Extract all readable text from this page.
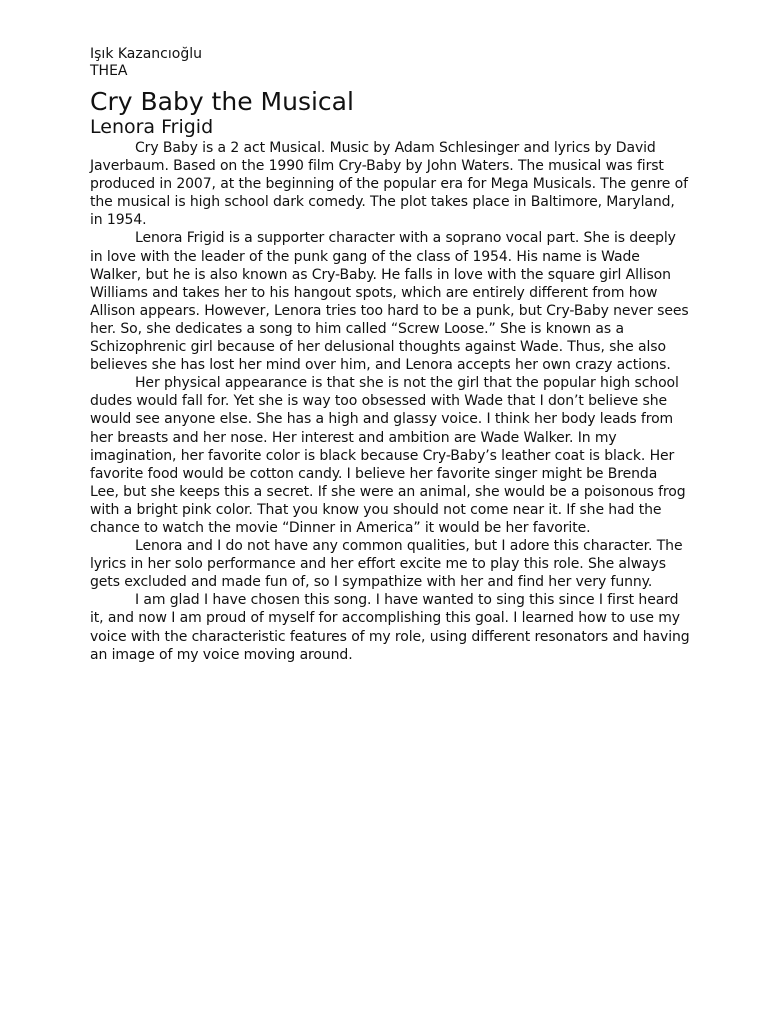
Işık Kazancıoğlu

THEA

Cry Baby the Musical
Lenora Frigid

Cry Baby is a 2 act Musical. Music by Adam Schlesinger and lyrics by David Javerbaum. Based on the 1990 film Cry-Baby by John Waters. The musical was first produced in 2007, at the beginning of the popular era for Mega Musicals. The genre of the musical is high school dark comedy. The plot takes place in Baltimore, Maryland, in 1954.

Lenora Frigid is a supporter character with a soprano vocal part. She is deeply in love with the leader of the punk gang of the class of 1954. His name is Wade Walker, but he is also known as Cry-Baby. He falls in love with the square girl Allison Williams and takes her to his hangout spots, which are entirely different from how Allison appears. However, Lenora tries too hard to be a punk, but Cry-Baby never sees her. So, she dedicates a song to him called “Screw Loose.” She is known as a Schizophrenic girl because of her delusional thoughts against Wade. Thus, she also believes she has lost her mind over him, and Lenora accepts her own crazy actions.

Her physical appearance is that she is not the girl that the popular high school dudes would fall for. Yet she is way too obsessed with Wade that I don’t believe she would see anyone else. She has a high and glassy voice. I think her body leads from her breasts and her nose. Her interest and ambition are Wade Walker. In my imagination, her favorite color is black because Cry-Baby’s leather coat is black. Her favorite food would be cotton candy. I believe her favorite singer might be Brenda Lee, but she keeps this a secret. If she were an animal, she would be a poisonous frog with a bright pink color. That you know you should not come near it. If she had the chance to watch the movie “Dinner in America” it would be her favorite.

Lenora and I do not have any common qualities, but I adore this character. The lyrics in her solo performance and her effort excite me to play this role. She always gets excluded and made fun of, so I sympathize with her and find her very funny.

I am glad I have chosen this song. I have wanted to sing this since I first heard it, and now I am proud of myself for accomplishing this goal. I learned how to use my voice with the characteristic features of my role, using different resonators and having an image of my voice moving around.
